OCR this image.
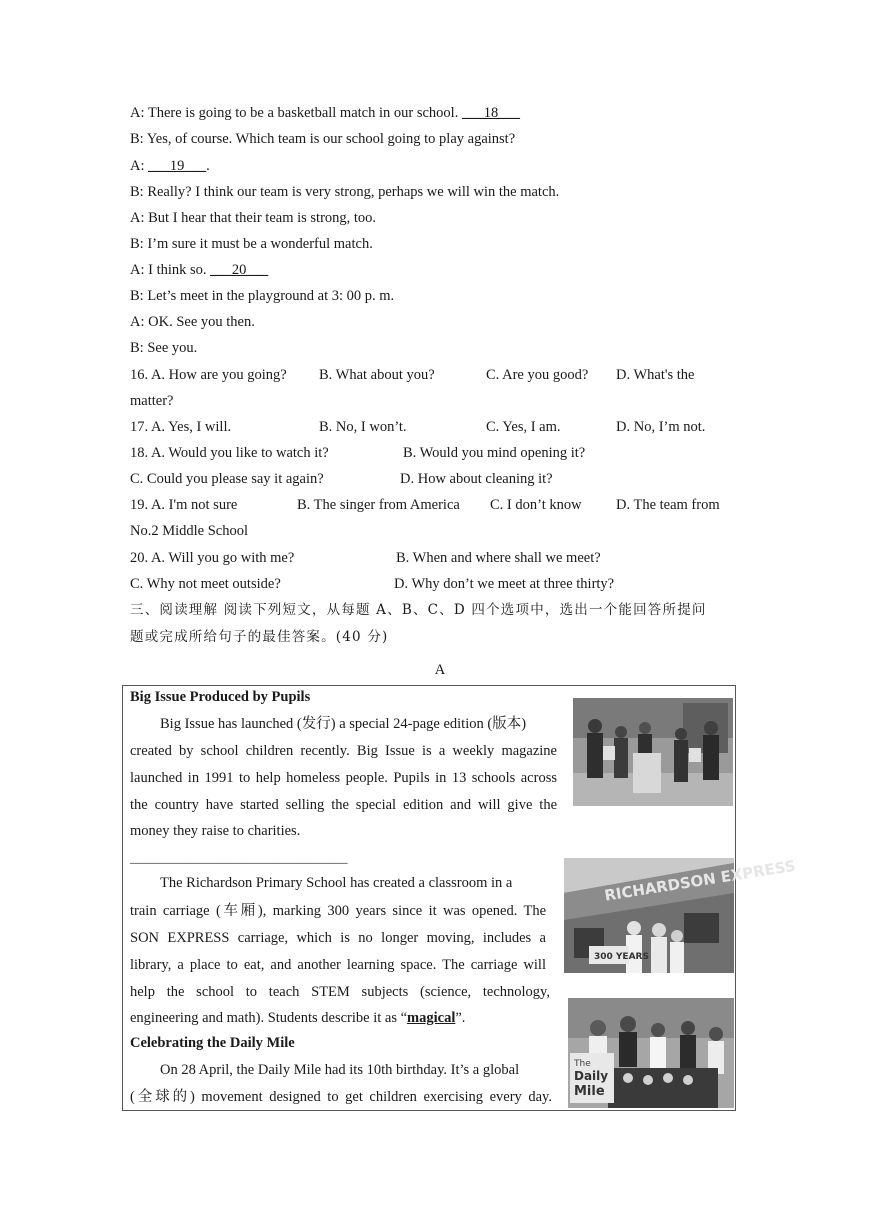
A: There is going to be a basketball match in our school. ___18___
B: Yes, of course. Which team is our school going to play against?
A: ___19___.
B: Really? I think our team is very strong, perhaps we will win the match.
A: But I hear that their team is strong, too.
B: I’m sure it must be a wonderful match.
A: I think so. ___20___
B: Let’s meet in the playground at 3: 00 p. m.
A: OK. See you then.
B: See you.
16. A. How are you going? B. What about you?	C. Are you good? D. What's the
matter?
17. A. Yes, I will.	B. No, I won’t.	C. Yes, I am.	D. No, I’m not.
18. A. Would you like to watch it?	B. Would you mind opening it?
C. Could you please say it again?	D. How about cleaning it?
19. A. I'm not sure	B. The singer from America C. I don’t know D. The team from
No.2 Middle School
20. A. Will you go with me?	B. When and where shall we meet?
C. Why not meet outside?	D. Why don’t we meet at three thirty?
三、阅读理解 阅读下列短文，从每题 A、B、C、D 四个选项中，选出一个能回答所提问
题或完成所给句子的最佳答案。(40 分)
A
Big Issue Produced by Pupils
Big Issue has launched (发行) a special 24-page edition (版本)
created by school children recently. Big Issue is a weekly magazine
launched in 1991 to help homeless people. Pupils in 13 schools across
the country have started selling the special edition and will give the
money they raise to charities.
______________________________
The Richardson Primary School has created a classroom in a
train carriage (车厢), marking 300 years since it was opened. The
SON EXPRESS carriage, which is no longer moving, includes a
library, a place to eat, and another learning space. The carriage will
help the school to teach STEM subjects (science, technology,
engineering and math). Students describe it as “magical”.
Celebrating the Daily Mile
On 28 April, the Daily Mile had its 10th birthday. It’s a global
(全球的) movement designed to get children exercising every day.
RICHARDSON EXPRESS
300 YEARS
The
Daily
Mile
